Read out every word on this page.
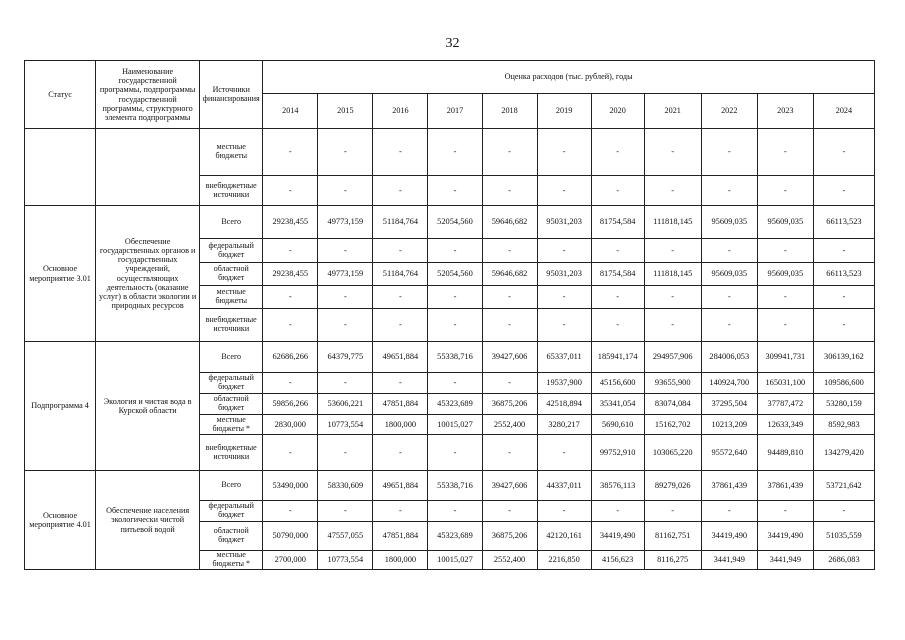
32
Статус	Наименование государственной программы, подпрограммы государственной программы, структурного элемента подпрограммы	Источники финансирования	Оценка расходов (тыс. рублей), годы										
			2014	2015	2016	2017	2018	2019	2020	2021	2022	2023	2024
		местные бюджеты	-	-	-	-	-	-	-	-	-	-	-
		внебюджетные источники	-	-	-	-	-	-	-	-	-	-	-
Основное мероприятие 3.01	Обеспечение государственных органов и государственных учреждений, осуществляющих деятельность (оказание услуг) в области экологии и природных ресурсов	Всего	29238,455	49773,159	51184,764	52054,560	59646,682	95031,203	81754,584	111818,145	95609,035	95609,035	66113,523
		федеральный бюджет	-	-	-	-	-	-	-	-	-	-	-
		областной бюджет	29238,455	49773,159	51184,764	52054,560	59646,682	95031,203	81754,584	111818,145	95609,035	95609,035	66113,523
		местные бюджеты	-	-	-	-	-	-	-	-	-	-	-
		внебюджетные источники	-	-	-	-	-	-	-	-	-	-	-
Подпрограмма 4	Экология и чистая вода в Курской области	Всего	62686,266	64379,775	49651,884	55338,716	39427,606	65337,011	185941,174	294957,906	284006,053	309941,731	306139,162
		федеральный бюджет	-	-	-	-	-	19537,900	45156,600	93655,900	140924,700	165031,100	109586,600
		областной бюджет	59856,266	53606,221	47851,884	45323,689	36875,206	42518,894	35341,054	83074,084	37295,504	37787,472	53280,159
		местные бюджеты *	2830,000	10773,554	1800,000	10015,027	2552,400	3280,217	5690,610	15162,702	10213,209	12633,349	8592,983
		внебюджетные источники	-	-	-	-	-	-	99752,910	103065,220	95572,640	94489,810	134279,420
Основное мероприятие 4.01	Обеспечение населения экологически чистой питьевой водой	Всего	53490,000	58330,609	49651,884	55338,716	39427,606	44337,011	38576,113	89279,026	37861,439	37861,439	53721,642
		федеральный бюджет	-	-	-	-	-	-	-	-	-	-	-
		областной бюджет	50790,000	47557,055	47851,884	45323,689	36875,206	42120,161	34419,490	81162,751	34419,490	34419,490	51035,559
		местные бюджеты *	2700,000	10773,554	1800,000	10015,027	2552,400	2216,850	4156,623	8116,275	3441,949	3441,949	2686,083
